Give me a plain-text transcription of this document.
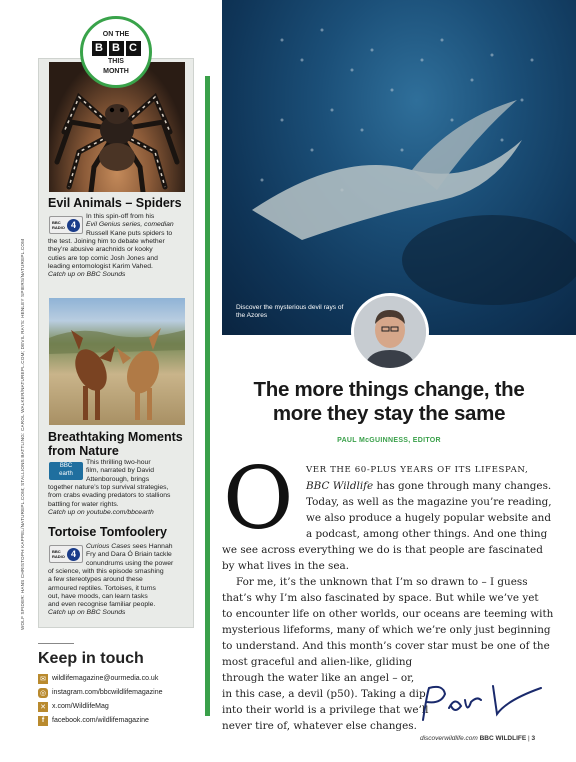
WOLF SPIDER: HANS CHRISTOPH KAPPEL/NATUREPL.COM; STALLIONS BATTLING: CAROL WALKER/NATUREPL.COM; DEVIL RAYS: HENLEY SPIERS/NATUREPL.COM
ON THE
B B C
THIS
MONTH
Evil Animals – Spiders
BBC
RADIO 4
In this spin-off from his
Evil Genius series, comedian
Russell Kane puts spiders to
the test. Joining him to debate whether
they’re abusive arachnids or kooky
cuties are top comic Josh Jones and
leading entomologist Karim Vahed.
Catch up on BBC Sounds
Breathtaking Moments
from Nature
BBC
earth
This thrilling two-hour
film, narrated by David
Attenborough, brings
together nature’s top survival strategies,
from crabs evading predators to stallions
battling for water rights.
Catch up on youtube.com/bbcearth
Tortoise Tomfoolery
BBC
RADIO 4
Curious Cases sees Hannah
Fry and Dara Ó Briain tackle
conundrums using the power
of science, with this episode smashing
a few stereotypes around these
armoured reptiles. Tortoises, it turns
out, have moods, can learn tasks
and even recognise familiar people.
Catch up on BBC Sounds
Keep in touch
✉ wildlifemagazine@ourmedia.co.uk
◎ instagram.com/bbcwildlifemagazine
✕ x.com/WildlifeMag
f	facebook.com/wildlifemagazine
Discover the mysterious devil rays of the Azores
The more things change, the
more they stay the same
PAUL McGUINNESS, EDITOR
O VER THE 60-PLUS YEARS OF ITS LIFESPAN,
BBC Wildlife has gone through many changes.
Today, as well as the magazine you’re reading,
we also produce a hugely popular website and
a podcast, among other things. And one thing
we see across everything we do is that people are fascinated
by what lives in the sea.
For me, it’s the unknown that I’m so drawn to – I guess
that’s why I’m also fascinated by space. But while we’ve yet
to encounter life on other worlds, our oceans are teeming with
mysterious lifeforms, many of which we’re only just beginning
to understand. And this month’s cover star must be one of the
most graceful and alien-like, gliding
through the water like an angel – or,
in this case, a devil (p50). Taking a dip
into their world is a privilege that we’ll
never tire of, whatever else changes.
discoverwildlife.com BBC WILDLIFE | 3
